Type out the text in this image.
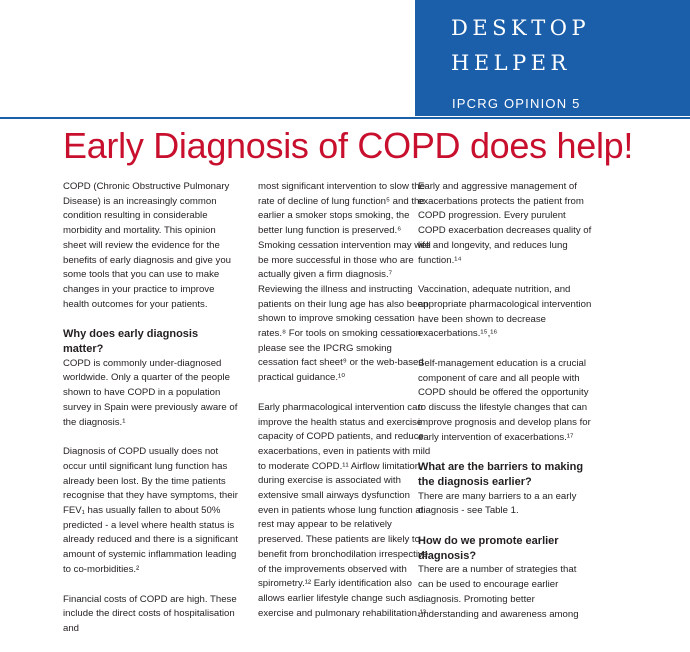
DESKTOP
HELPER
IPCRG OPINION 5
Early Diagnosis of COPD does help!

COPD (Chronic Obstructive Pulmonary Disease) is an increasingly common condition resulting in considerable morbidity and mortality. This opinion sheet will review the evidence for the benefits of early diagnosis and give you some tools that you can use to make changes in your practice to improve health outcomes for your patients.

Why does early diagnosis matter?

COPD is commonly under-diagnosed worldwide. Only a quarter of the people shown to have COPD in a population survey in Spain were previously aware of the diagnosis.¹

Diagnosis of COPD usually does not occur until significant lung function has already been lost. By the time patients recognise that they have symptoms, their FEV₁ has usually fallen to about 50% predicted - a level where health status is already reduced and there is a significant amount of systemic inflammation leading to co-morbidities.²

Financial costs of COPD are high. These include the direct costs of hospitalisation and

most significant intervention to slow the rate of decline of lung function⁵ and the earlier a smoker stops smoking, the better lung function is preserved.⁶ Smoking cessation intervention may well be more successful in those who are actually given a firm diagnosis.⁷ Reviewing the illness and instructing patients on their lung age has also been shown to improve smoking cessation rates.⁸ For tools on smoking cessation please see the IPCRG smoking cessation fact sheet⁹ or the web-based practical guidance.¹⁰

Early pharmacological intervention can improve the health status and exercise capacity of COPD patients, and reduce exacerbations, even in patients with mild to moderate COPD.¹¹ Airflow limitation during exercise is associated with extensive small airways dysfunction even in patients whose lung function at rest may appear to be relatively preserved. These patients are likely to benefit from bronchodilation irrespective of the improvements observed with spirometry.¹² Early identification also allows earlier lifestyle change such as exercise and pulmonary rehabilitation.¹³

Early and aggressive management of exacerbations protects the patient from COPD progression. Every purulent COPD exacerbation decreases quality of life and longevity, and reduces lung function.¹⁴

Vaccination, adequate nutrition, and appropriate pharmacological intervention have been shown to decrease exacerbations.¹⁵,¹⁶

Self-management education is a crucial component of care and all people with COPD should be offered the opportunity to discuss the lifestyle changes that can improve prognosis and develop plans for early intervention of exacerbations.¹⁷

What are the barriers to making the diagnosis earlier?

There are many barriers to a an early diagnosis - see Table 1.

How do we promote earlier diagnosis?

There are a number of strategies that can be used to encourage earlier diagnosis. Promoting better understanding and awareness among
